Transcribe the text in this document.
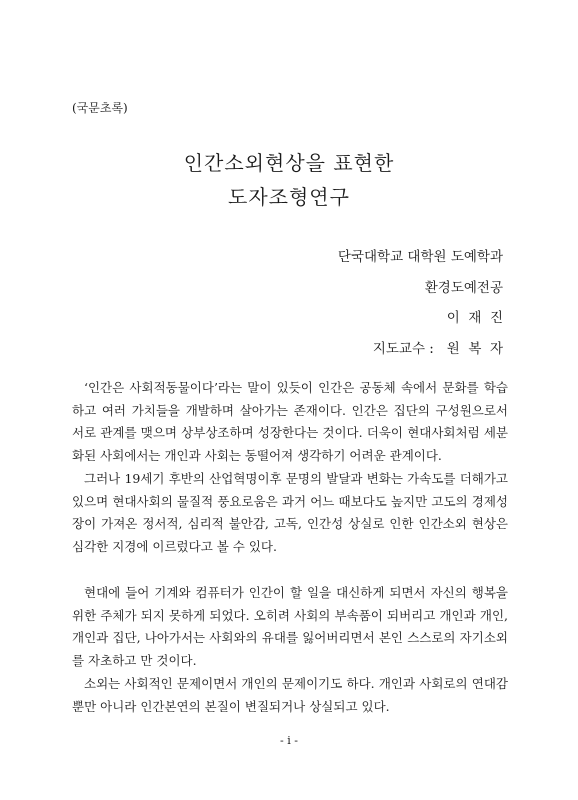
(국문초록)
인간소외현상을 표현한
도자조형연구
단국대학교 대학원 도예학과
환경도예전공
이  재  진
지도교수 :   원  복  자
‘인간은 사회적동물이다’라는 말이 있듯이 인간은 공동체 속에서 문화를 학습하고 여러 가치들을 개발하며 살아가는 존재이다. 인간은 집단의 구성원으로서 서로 관계를 맺으며 상부상조하며 성장한다는 것이다. 더욱이 현대사회처럼 세분화된 사회에서는 개인과 사회는 동떨어져 생각하기 어려운 관계이다.
그러나 19세기 후반의 산업혁명이후 문명의 발달과 변화는 가속도를 더해가고 있으며 현대사회의 물질적 풍요로움은 과거 어느 때보다도 높지만 고도의 경제성장이 가져온 정서적, 심리적 불안감, 고독, 인간성 상실로 인한 인간소외 현상은 심각한 지경에 이르렀다고 볼 수 있다.
현대에 들어 기계와 컴퓨터가 인간이 할 일을 대신하게 되면서 자신의 행복을 위한 주체가 되지 못하게 되었다. 오히려 사회의 부속품이 되버리고 개인과 개인, 개인과 집단, 나아가서는 사회와의 유대를 잃어버리면서 본인 스스로의 자기소외를 자초하고 만 것이다.
소외는 사회적인 문제이면서 개인의 문제이기도 하다. 개인과 사회로의 연대감 뿐만 아니라 인간본연의 본질이 변질되거나 상실되고 있다.
- i -
